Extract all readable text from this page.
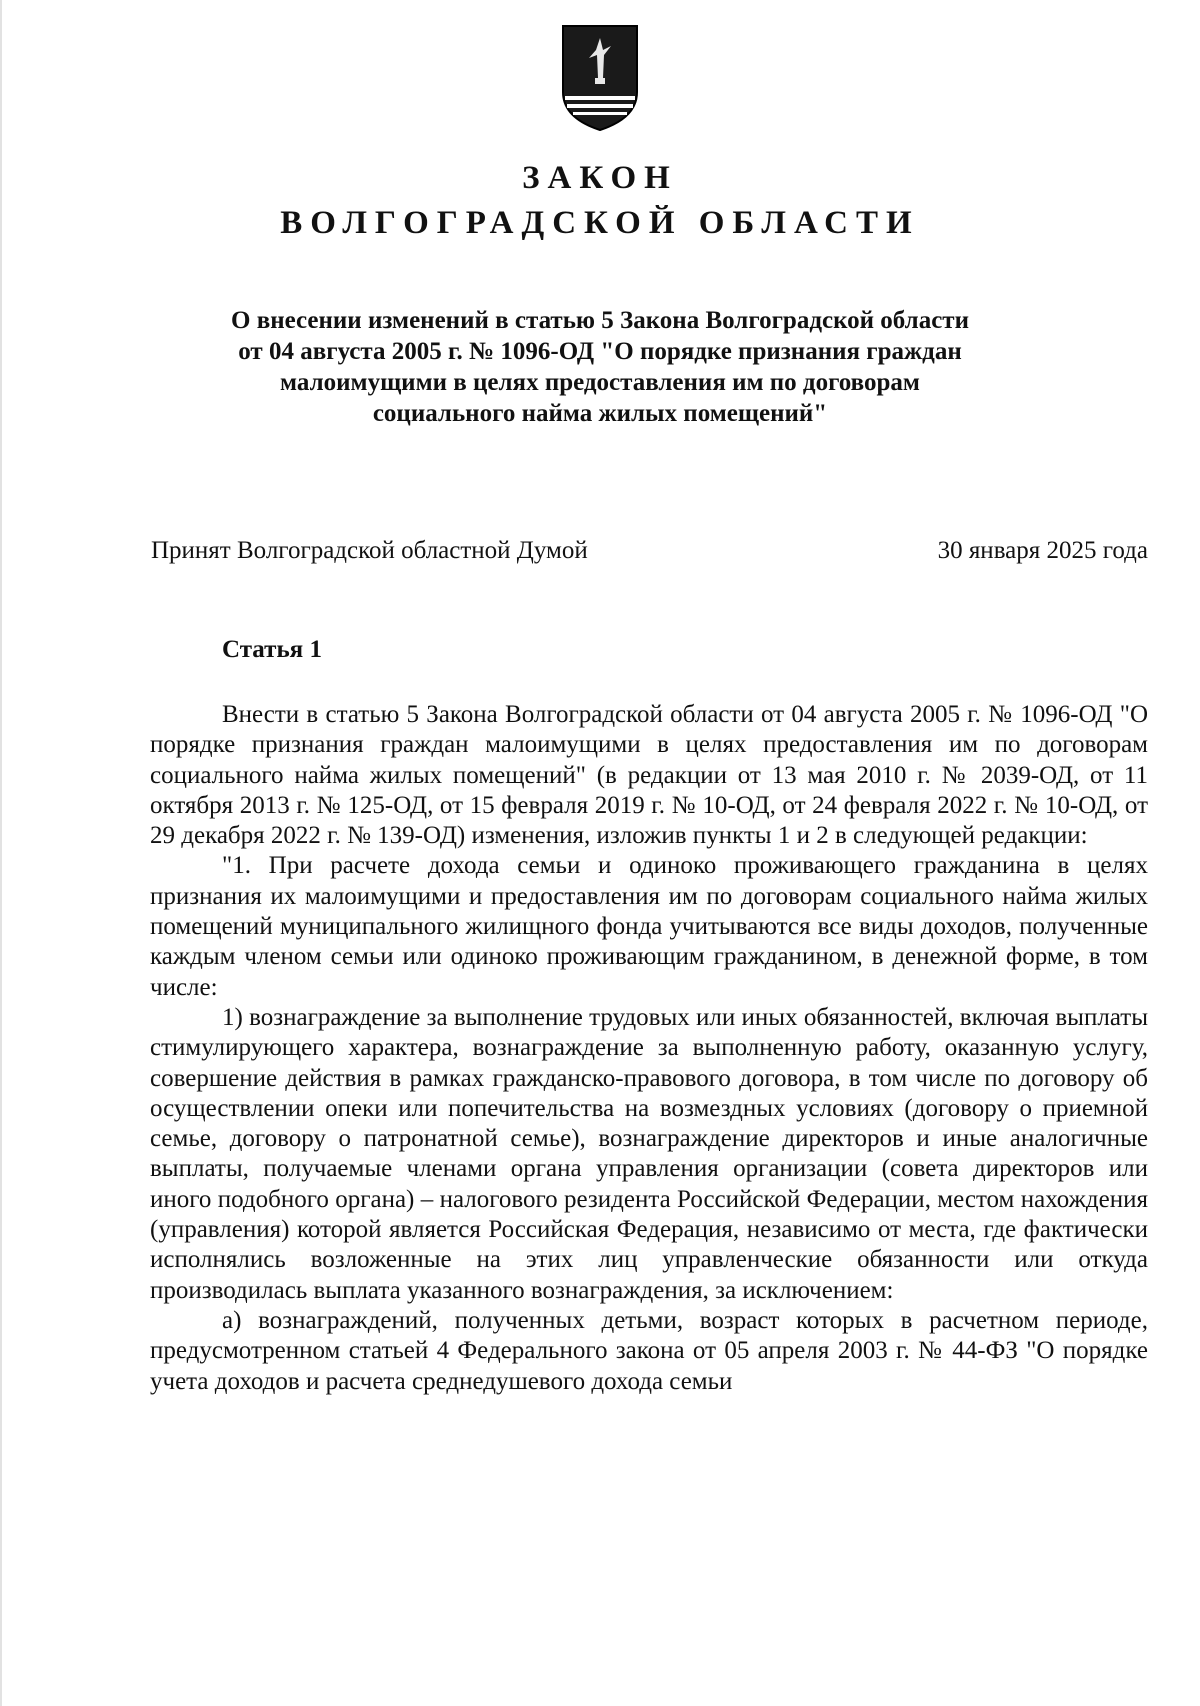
ЗАКОН
ВОЛГОГРАДСКОЙ ОБЛАСТИ
О внесении изменений в статью 5 Закона Волгоградской области
от 04 августа 2005 г. № 1096-ОД "О порядке признания граждан
малоимущими в целях предоставления им по договорам
социального найма жилых помещений"
Принят Волгоградской областной Думой	30 января 2025 года
Статья 1

Внести в статью 5 Закона Волгоградской области от 04 августа 2005 г. № 1096-ОД "О порядке признания граждан малоимущими в целях предоставления им по договорам социального найма жилых помещений" (в редакции от 13 мая 2010 г. № 2039-ОД, от 11 октября 2013 г. № 125-ОД, от 15 февраля 2019 г. № 10-ОД, от 24 февраля 2022 г. № 10-ОД, от 29 декабря 2022 г. № 139-ОД) изменения, изложив пункты 1 и 2 в следующей редакции:

"1. При расчете дохода семьи и одиноко проживающего гражданина в целях признания их малоимущими и предоставления им по договорам социального найма жилых помещений муниципального жилищного фонда учитываются все виды доходов, полученные каждым членом семьи или одиноко проживающим гражданином, в денежной форме, в том числе:

1) вознаграждение за выполнение трудовых или иных обязанностей, включая выплаты стимулирующего характера, вознаграждение за выполненную работу, оказанную услугу, совершение действия в рамках гражданско-правового договора, в том числе по договору об осуществлении опеки или попечительства на возмездных условиях (договору о приемной семье, договору о патронатной семье), вознаграждение директоров и иные аналогичные выплаты, получаемые членами органа управления организации (совета директоров или иного подобного органа) – налогового резидента Российской Федерации, местом нахождения (управления) которой является Российская Федерация, независимо от места, где фактически исполнялись возложенные на этих лиц управленческие обязанности или откуда производилась выплата указанного вознаграждения, за исключением:

а) вознаграждений, полученных детьми, возраст которых в расчетном периоде, предусмотренном статьей 4 Федерального закона от 05 апреля 2003 г. № 44-ФЗ "О порядке учета доходов и расчета среднедушевого дохода семьи
